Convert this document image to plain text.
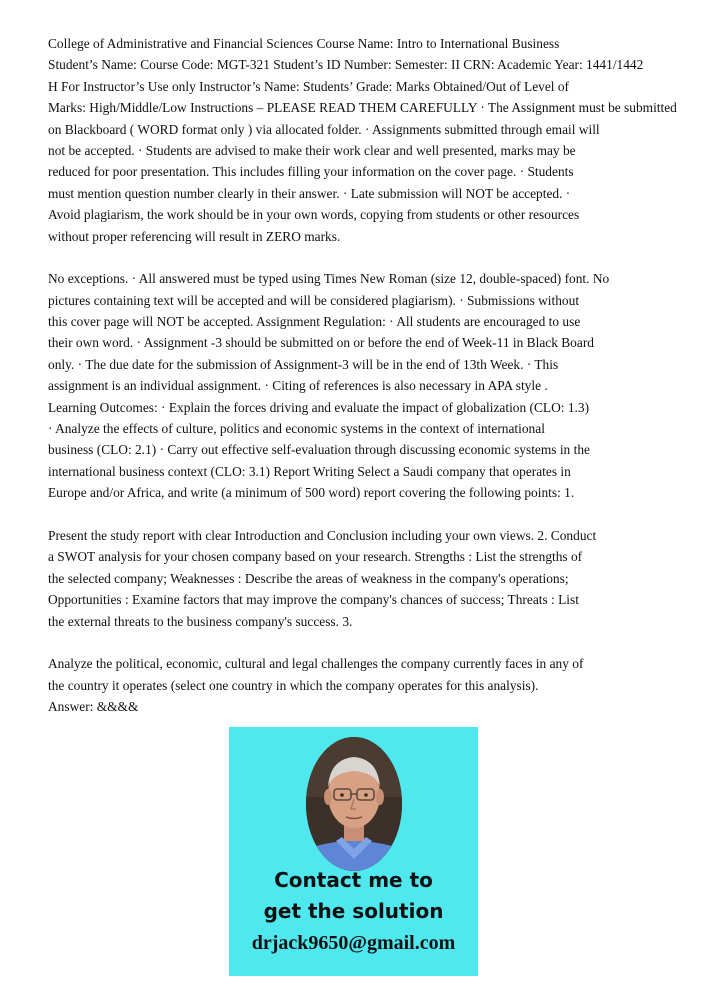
College of Administrative and Financial Sciences Course Name: Intro to International Business
Student’s Name: Course Code: MGT-321 Student’s ID Number: Semester: II CRN: Academic Year: 1441/1442
H For Instructor’s Use only Instructor’s Name: Students’ Grade: Marks Obtained/Out of Level of
Marks: High/Middle/Low Instructions – PLEASE READ THEM CAREFULLY · The Assignment must be submitted
on Blackboard ( WORD format only ) via allocated folder. · Assignments submitted through email will
not be accepted. · Students are advised to make their work clear and well presented, marks may be
reduced for poor presentation. This includes filling your information on the cover page. · Students
must mention question number clearly in their answer. · Late submission will NOT be accepted. ·
Avoid plagiarism, the work should be in your own words, copying from students or other resources
without proper referencing will result in ZERO marks.
No exceptions. · All answered must be typed using Times New Roman (size 12, double-spaced) font. No
pictures containing text will be accepted and will be considered plagiarism). · Submissions without
this cover page will NOT be accepted. Assignment Regulation: · All students are encouraged to use
their own word. · Assignment -3 should be submitted on or before the end of Week-11 in Black Board
only. · The due date for the submission of Assignment-3 will be in the end of 13th Week. · This
assignment is an individual assignment. · Citing of references is also necessary in APA style .
Learning Outcomes: · Explain the forces driving and evaluate the impact of globalization (CLO: 1.3)
· Analyze the effects of culture, politics and economic systems in the context of international
business (CLO: 2.1) · Carry out effective self-evaluation through discussing economic systems in the
international business context (CLO: 3.1) Report Writing Select a Saudi company that operates in
Europe and/or Africa, and write (a minimum of 500 word) report covering the following points: 1.
Present the study report with clear Introduction and Conclusion including your own views. 2. Conduct
a SWOT analysis for your chosen company based on your research. Strengths : List the strengths of
the selected company; Weaknesses : Describe the areas of weakness in the company's operations;
Opportunities : Examine factors that may improve the company's chances of success; Threats : List
the external threats to the business company's success. 3.
Analyze the political, economic, cultural and legal challenges the company currently faces in any of
the country it operates (select one country in which the company operates for this analysis).
Answer: &&&&
Contact me to
get the solution
drjack9650@gmail.com
